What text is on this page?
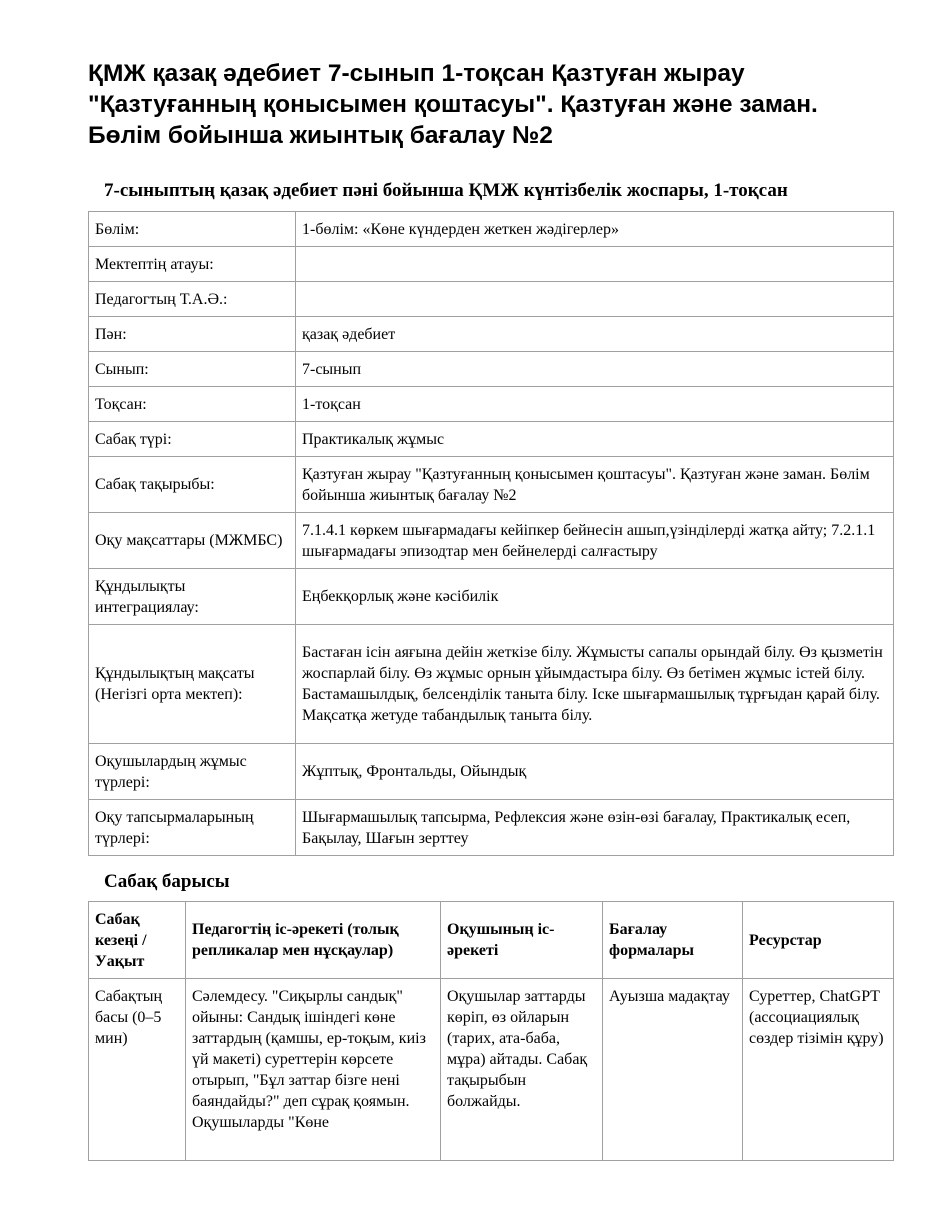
ҚМЖ қазақ әдебиет 7-сынып 1-тоқсан Қазтуған жырау "Қазтуғанның қонысымен қоштасуы". Қазтуған және заман. Бөлім бойынша жиынтық бағалау №2
7-сыныптың қазақ әдебиет пәні бойынша ҚМЖ күнтізбелік жоспары, 1-тоқсан
Бөлім:	1-бөлім: «Көне күндерден жеткен жәдігерлер»
Мектептің атауы:	
Педагогтың Т.А.Ә.:	
Пән:	қазақ әдебиет
Сынып:	7-сынып
Тоқсан:	1-тоқсан
Сабақ түрі:	Практикалық жұмыс
Сабақ тақырыбы:	Қазтуған жырау "Қазтуғанның қонысымен қоштасуы". Қазтуған және заман. Бөлім бойынша жиынтық бағалау №2
Оқу мақсаттары (МЖМБС)	7.1.4.1 көркем шығармадағы кейіпкер бейнесін ашып,үзінділерді жатқа айту; 7.2.1.1 шығармадағы эпизодтар мен бейнелерді салғастыру
Құндылықты интеграциялау:	Еңбекқорлық және кәсібилік
Құндылықтың мақсаты (Негізгі орта мектеп):	Бастаған ісін аяғына дейін жеткізе білу. Жұмысты сапалы орындай білу. Өз қызметін жоспарлай білу. Өз жұмыс орнын ұйымдастыра білу. Өз бетімен жұмыс істей білу. Бастамашылдық, белсенділік таныта білу. Іске шығармашылық тұрғыдан қарай білу. Мақсатқа жетуде табандылық таныта білу.
Оқушылардың жұмыс түрлері:	Жұптық, Фронтальды, Ойындық
Оқу тапсырмаларының түрлері:	Шығармашылық тапсырма, Рефлексия және өзін-өзі бағалау, Практикалық есеп, Бақылау, Шағын зерттеу
Сабақ барысы
Сабақ кезеңі / Уақыт	Педагогтің іс-әрекеті (толық репликалар мен нұсқаулар)	Оқушының іс-әрекеті	Бағалау формалары	Ресурстар
Сабақтың басы (0–5 мин)	Сәлемдесу. "Сиқырлы сандық" ойыны: Сандық ішіндегі көне заттардың (қамшы, ер-тоқым, киіз үй макеті) суреттерін көрсете отырып, "Бұл заттар бізге нені баяндайды?" деп сұрақ қоямын. Оқушыларды "Көне	Оқушылар заттарды көріп, өз ойларын (тарих, ата-баба, мұра) айтады. Сабақ тақырыбын болжайды.	Ауызша мадақтау	Суреттер, ChatGPT (ассоциациялық сөздер тізімін құру)
